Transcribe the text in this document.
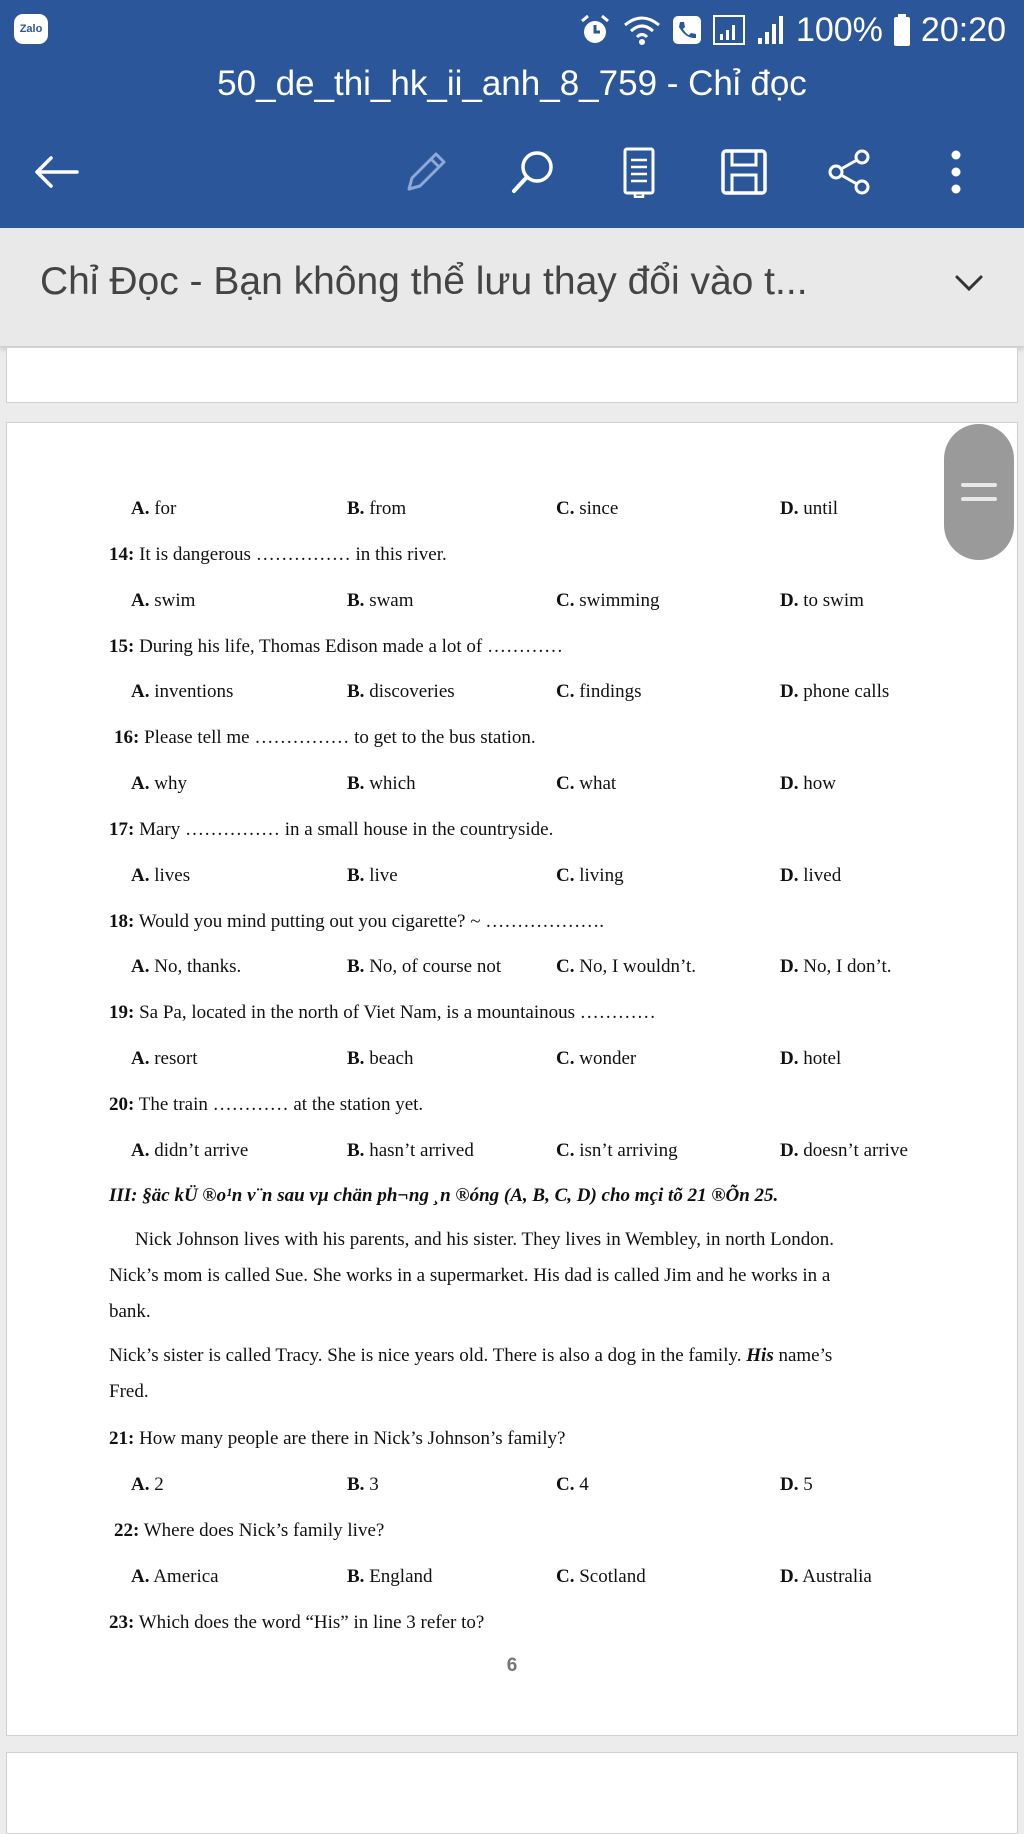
Zalo	100% 20:20
50_de_thi_hk_ii_anh_8_759 - Chỉ đọc
Chỉ Đọc - Bạn không thể lưu thay đổi vào t...
A. for	B. from	C. since	D. until
14: It is dangerous …………… in this river.
A. swim	B. swam	C. swimming	D. to swim
15: During his life, Thomas Edison made a lot of …………
A. inventions	B. discoveries	C. findings	D. phone calls
16: Please tell me …………… to get to the bus station.
A. why	B. which	C. what	D. how
17: Mary …………… in a small house in the countryside.
A. lives	B. live	C. living	D. lived
18: Would you mind putting out you cigarette? ~ ……………….
A. No, thanks.	B. No, of course not	C. No, I wouldn’t.	D. No, I don’t.
19: Sa Pa, located in the north of Viet Nam, is a mountainous …………
A. resort	B. beach	C. wonder	D. hotel
20: The train ………… at the station yet.
A. didn’t arrive	B. hasn’t arrived	C. isn’t arriving	D. doesn’t arrive
III: §äc kÜ ®o¹n v¨n sau vµ chän ph¬ng ¸n ®óng (A, B, C, D) cho mçi tõ 21 ®Õn 25.
Nick Johnson lives with his parents, and his sister. They lives in Wembley, in north London.
Nick’s mom is called Sue. She works in a supermarket. His dad is called Jim and he works in a
bank.
Nick’s sister is called Tracy. She is nice years old. There is also a dog in the family. His name’s
Fred.
21: How many people are there in Nick’s Johnson’s family?
A. 2	B. 3	C. 4	D. 5
22: Where does Nick’s family live?
A. America	B. England	C. Scotland	D. Australia
23: Which does the word “His” in line 3 refer to?
6
